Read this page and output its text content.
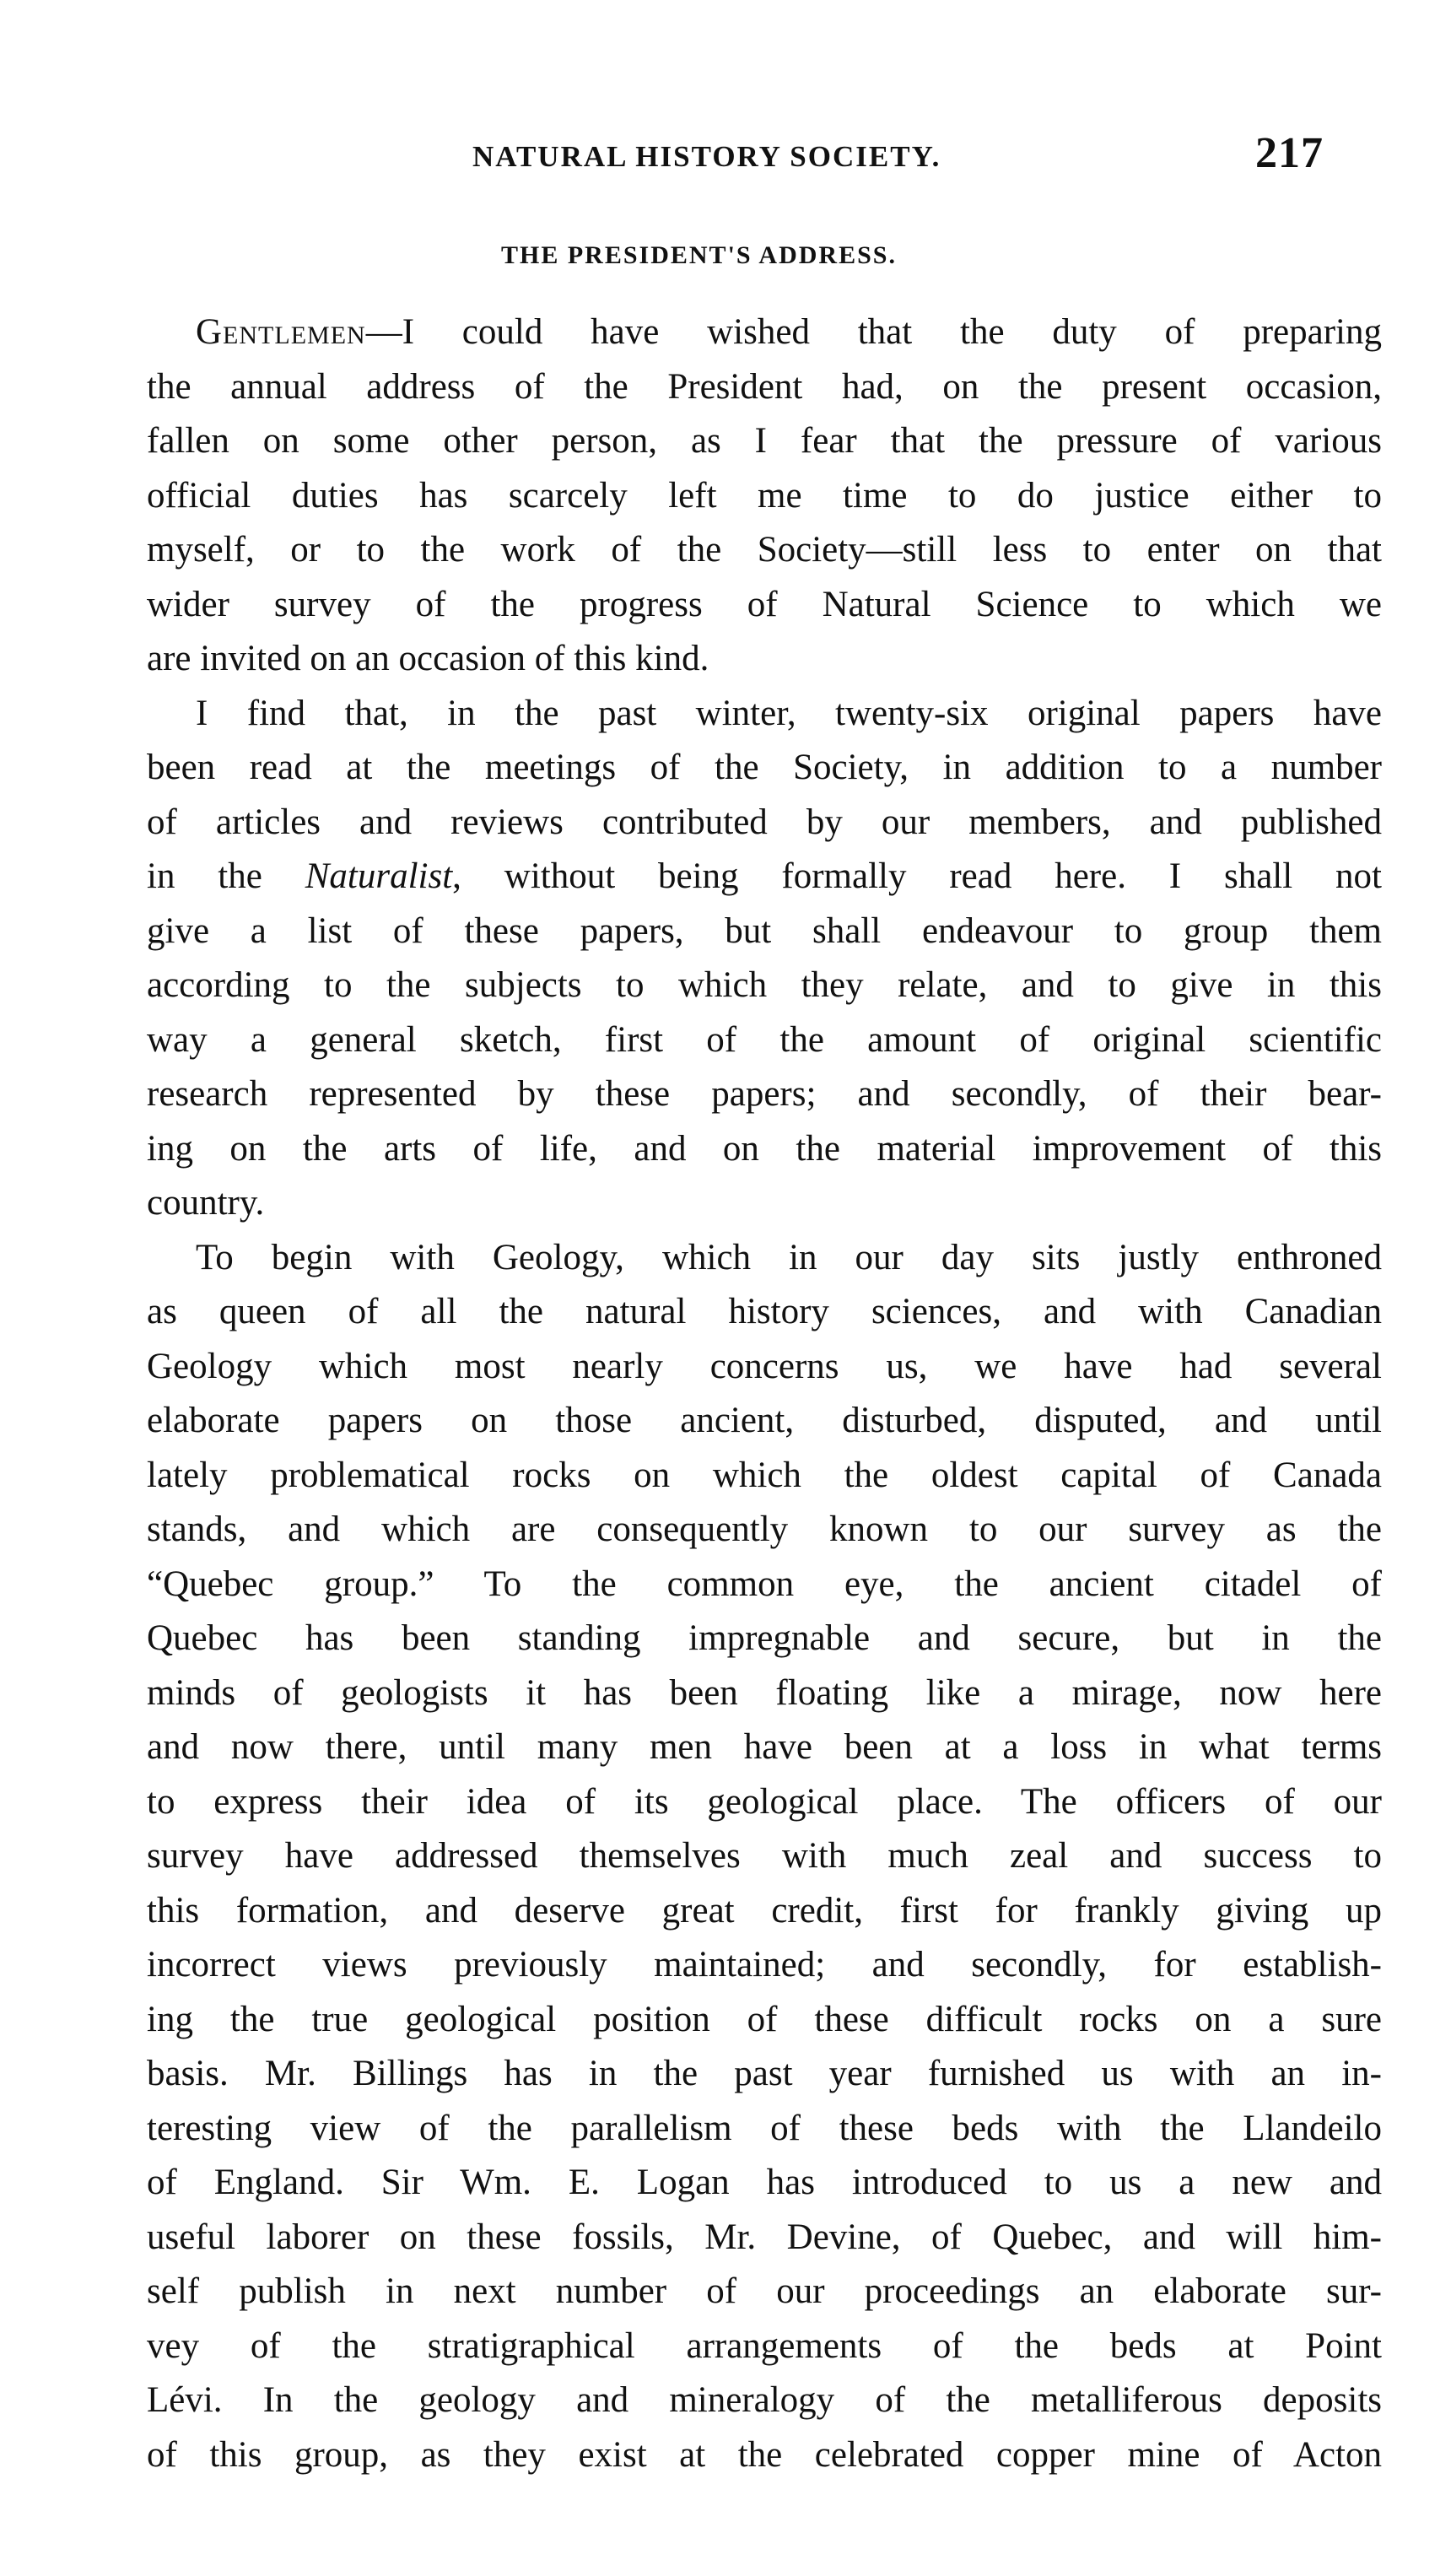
NATURAL HISTORY SOCIETY.	217
THE PRESIDENT'S ADDRESS.
Gentlemen—I could have wished that the duty of preparing
the annual address of the President had, on the present occasion,
fallen on some other person, as I fear that the pressure of various
official duties has scarcely left me time to do justice either to
myself, or to the work of the Society—still less to enter on that
wider survey of the progress of Natural Science to which we
are invited on an occasion of this kind.
I find that, in the past winter, twenty-six original papers have
been read at the meetings of the Society, in addition to a number
of articles and reviews contributed by our members, and published
in the Naturalist, without being formally read here. I shall not
give a list of these papers, but shall endeavour to group them
according to the subjects to which they relate, and to give in this
way a general sketch, first of the amount of original scientific
research represented by these papers; and secondly, of their bear-
ing on the arts of life, and on the material improvement of this
country.
To begin with Geology, which in our day sits justly enthroned
as queen of all the natural history sciences, and with Canadian
Geology which most nearly concerns us, we have had several
elaborate papers on those ancient, disturbed, disputed, and until
lately problematical rocks on which the oldest capital of Canada
stands, and which are consequently known to our survey as the
“Quebec group.” To the common eye, the ancient citadel of
Quebec has been standing impregnable and secure, but in the
minds of geologists it has been floating like a mirage, now here
and now there, until many men have been at a loss in what terms
to express their idea of its geological place. The officers of our
survey have addressed themselves with much zeal and success to
this formation, and deserve great credit, first for frankly giving up
incorrect views previously maintained; and secondly, for establish-
ing the true geological position of these difficult rocks on a sure
basis. Mr. Billings has in the past year furnished us with an in-
teresting view of the parallelism of these beds with the Llandeilo
of England. Sir Wm. E. Logan has introduced to us a new and
useful laborer on these fossils, Mr. Devine, of Quebec, and will him-
self publish in next number of our proceedings an elaborate sur-
vey of the stratigraphical arrangements of the beds at Point
Lévi. In the geology and mineralogy of the metalliferous deposits
of this group, as they exist at the celebrated copper mine of Acton
